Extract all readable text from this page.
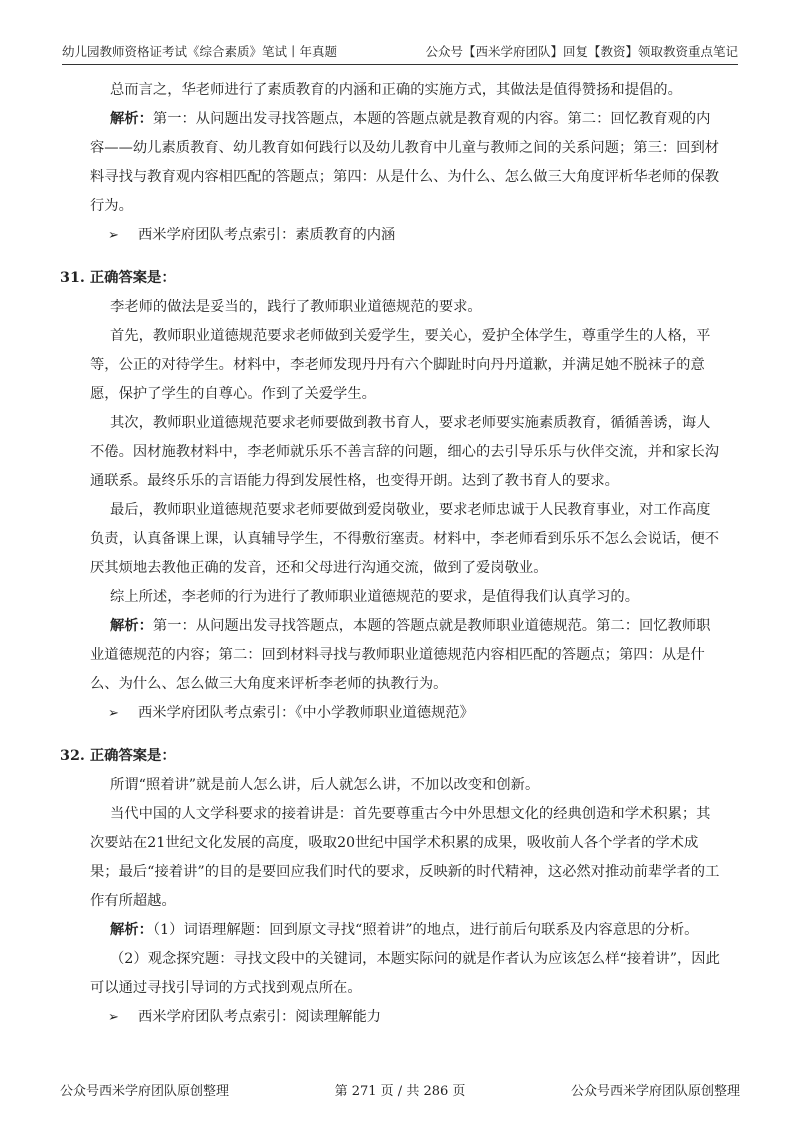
幼儿园教师资格证考试《综合素质》笔试丨年真题	公众号【西米学府团队】回复【教资】领取教资重点笔记
总而言之，华老师进行了素质教育的内涵和正确的实施方式，其做法是值得赞扬和提倡的。
解析：第一：从问题出发寻找答题点，本题的答题点就是教育观的内容。第二：回忆教育观的内容——幼儿素质教育、幼儿教育如何践行以及幼儿教育中儿童与教师之间的关系问题；第三：回到材料寻找与教育观内容相匹配的答题点；第四：从是什么、为什么、怎么做三大角度评析华老师的保教行为。
➢ 西米学府团队考点索引：素质教育的内涵
31. 正确答案是：
李老师的做法是妥当的，践行了教师职业道德规范的要求。
首先，教师职业道德规范要求老师做到关爱学生，要关心，爱护全体学生，尊重学生的人格，平等，公正的对待学生。材料中，李老师发现丹丹有六个脚趾时向丹丹道歉，并满足她不脱袜子的意愿，保护了学生的自尊心。作到了关爱学生。
其次，教师职业道德规范要求老师要做到教书育人，要求老师要实施素质教育，循循善诱，诲人不倦。因材施教材料中，李老师就乐乐不善言辞的问题，细心的去引导乐乐与伙伴交流，并和家长沟通联系。最终乐乐的言语能力得到发展性格，也变得开朗。达到了教书育人的要求。
最后，教师职业道德规范要求老师要做到爱岗敬业，要求老师忠诚于人民教育事业，对工作高度负责，认真备课上课，认真辅导学生，不得敷衍塞责。材料中，李老师看到乐乐不怎么会说话，便不厌其烦地去教他正确的发音，还和父母进行沟通交流，做到了爱岗敬业。
综上所述，李老师的行为进行了教师职业道德规范的要求，是值得我们认真学习的。
解析：第一：从问题出发寻找答题点，本题的答题点就是教师职业道德规范。第二：回忆教师职业道德规范的内容；第二：回到材料寻找与教师职业道德规范内容相匹配的答题点；第四：从是什么、为什么、怎么做三大角度来评析李老师的执教行为。
➢ 西米学府团队考点索引：《中小学教师职业道德规范》
32. 正确答案是：
所谓“照着讲”就是前人怎么讲，后人就怎么讲，不加以改变和创新。
当代中国的人文学科要求的接着讲是：首先要尊重古今中外思想文化的经典创造和学术积累；其次要站在21世纪文化发展的高度，吸取20世纪中国学术积累的成果，吸收前人各个学者的学术成果；最后“接着讲”的目的是要回应我们时代的要求，反映新的时代精神，这必然对推动前辈学者的工作有所超越。
解析：（1）词语理解题：回到原文寻找“照着讲”的地点，进行前后句联系及内容意思的分析。
（2）观念探究题：寻找文段中的关键词，本题实际问的就是作者认为应该怎么样“接着讲”，因此可以通过寻找引导词的方式找到观点所在。
➢ 西米学府团队考点索引：阅读理解能力
公众号西米学府团队原创整理	第 271 页 / 共 286 页	公众号西米学府团队原创整理
